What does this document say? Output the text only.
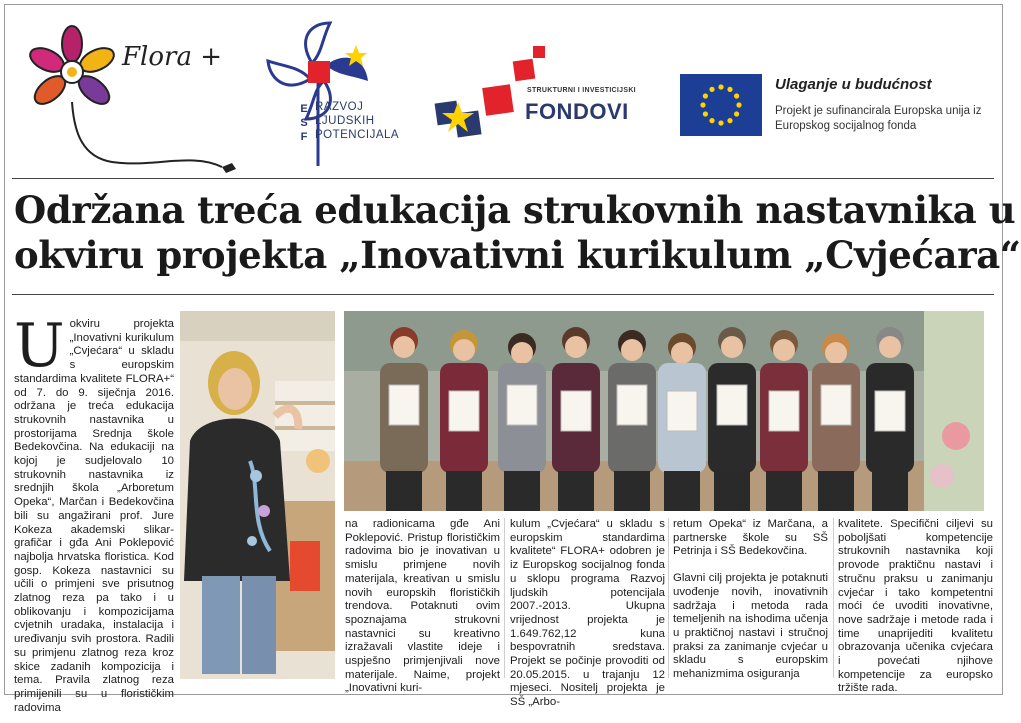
Flora +
E
S
F
RAZVOJ
LJUDSKIH
POTENCIJALA
STRUKTURNI I INVESTICIJSKI
FONDOVI
Ulaganje u budućnost
Projekt je sufinancirala Europska unija iz Europskog socijalnog fonda
Održana treća edukacija strukovnih nastavnika u
okviru projekta „Inovativni kurikulum „Cvjećara“
U okviru projekta „Inovativni kurikulum „Cvjećara“ u skladu s europskim standardima kvalitete FLORA+“ od 7. do 9. siječnja 2016. održana je treća edukacija strukovnih nastavnika u prostorijama Srednja škole Bedekovčina. Na edukaciji na kojoj je sudjelovalo 10 strukovnih nastavnika iz srednjih škola „Arboretum Opeka“, Marčan i Bedekovčina bili su angažirani prof. Jure Kokeza akademski slikar-grafičar i gđa Ani Poklepović najbolja hrvatska floristica. Kod gosp. Kokeza nastavnici su učili o primjeni sve prisutnog zlatnog reza pa tako i u oblikovanju i kompozicijama cvjetnih uradaka, instalacija i uređivanju svih prostora. Radili su primjenu zlatnog reza kroz skice zadanih kompozicija i tema. Pravila zlatnog reza primijenili su u florističkim radovima

na radionicama gđe Ani Poklepović. Pristup florističkim radovima bio je inovativan u smislu primjene novih materijala, kreativan u smislu novih europskih florističkih trendova. Potaknuti ovim spoznajama strukovni nastavnici su kreativno izražavali vlastite ideje i uspješno primjenjivali nove materijale. Naime, projekt „Inovativni kuri-

kulum „Cvjećara“ u skladu s europskim standardima kvalitete“ FLORA+ odobren je iz Europskog socijalnog fonda u sklopu programa Razvoj ljudskih potencijala 2007.-2013. Ukupna vrijednost projekta je 1.649.762,12 kuna bespovratnih sredstava. Projekt se počinje provoditi od 20.05.2015. u trajanju 12 mjeseci. Nositelj projekta je SŠ „Arbo-

retum Opeka“ iz Marčana, a partnerske škole su SŠ Petrinja i SŠ Bedekovčina.

Glavni cilj projekta je potaknuti uvođenje novih, inovativnih sadržaja i metoda rada temeljenih na ishodima učenja u praktičnoj nastavi i stručnoj praksi za zanimanje cvjećar u skladu s europskim mehanizmima osiguranja

kvalitete. Specifični ciljevi su poboljšati kompetencije strukovnih nastavnika koji provode praktičnu nastavi i stručnu praksu u zanimanju cvjećar i tako kompetentni moći će uvoditi inovativne, nove sadržaje i metode rada i time unaprijediti kvalitetu obrazovanja učenika cvjećara i povećati njihove kompetencije za europsko tržište rada.
